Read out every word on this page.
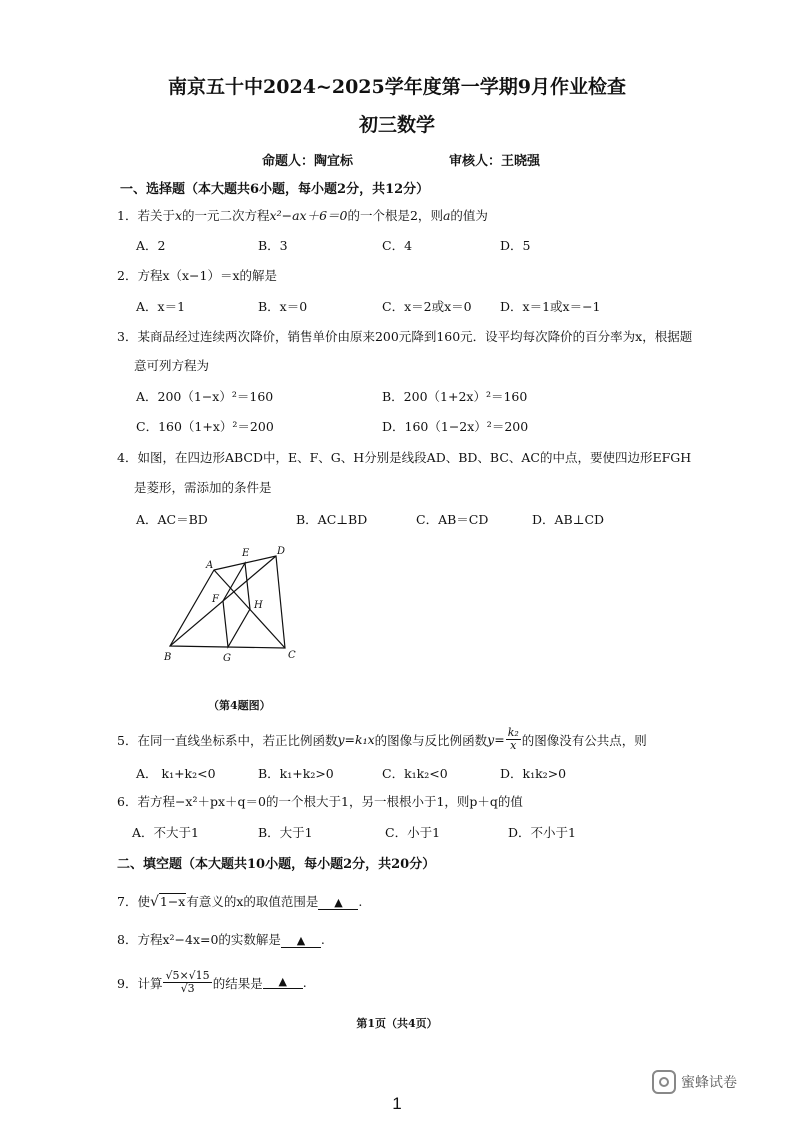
南京五十中2024~2025学年度第一学期9月作业检查
初三数学
命题人：陶宜标	审核人：王晓强
一、选择题（本大题共6小题，每小题2分，共12分）
1．若关于x的一元二次方程x²−ax＋6＝0的一个根是2，则a的值为
A．2	B．3	C．4	D．5
2．方程x（x−1）＝x的解是
A．x＝1	B．x＝0	C．x＝2或x＝0 D．x＝1或x＝−1
3．某商品经过连续两次降价，销售单价由原来200元降到160元．设平均每次降价的百分率为x，根据题
意可列方程为
A．200（1−x）²＝160	B．200（1+2x）²＝160
C．160（1+x）²＝200	D．160（1−2x）²＝200
4．如图，在四边形ABCD中，E、F、G、H分别是线段AD、BD、BC、AC的中点，要使四边形EFGH
是菱形，需添加的条件是
A．AC＝BD	B．AC⊥BD	C．AB＝CD	D．AB⊥CD
A
D
E
F
H
B	G	C
（第4题图）
5．在同一直线坐标系中，若正比例函数 y=k₁x 的图像与反比例函数 $y= \frac{\text{k₂}}{x}$ 的图像没有公共点，则
A． k₁+k₂<0	B．k₁+k₂>0	C．k₁k₂<0	D．k₁k₂>0
6．若方程−x²＋px＋q＝0的一个根大于1，另一根根小于1，则p＋q的值
A．不大于1	B．大于1	C．小于1	D．不小于1
二、填空题（本大题共10小题，每小题2分，共20分）
7．使 √ 1−x 有意义的x的取值范围是	▲	.
8．方程x²−4x=0的实数解是	▲	.
9．计算 $\frac{√5\times√15}{√3}$ 的结果是	▲	.
第1页（共4页）
蜜蜂试卷
1
